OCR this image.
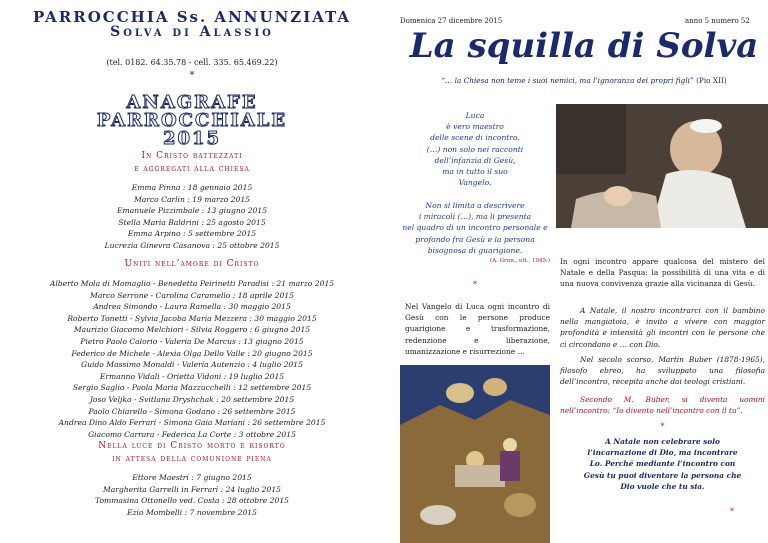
PARROCCHIA Ss. ANNUNZIATA
Solva di Alassio
(tel. 0182. 64.35.78 - cell. 335. 65.469.22)
*
ANAGRAFE
PARROCCHIALE
2015
In Cristo battezzati
e aggregati alla chiesa
Emma Pinna : 18 gennaio 2015
Marco Carlin : 19 marzo 2015
Emanuele Pizzimbale : 13 giugno 2015
Stella Maria Baldrini : 25 agosto 2015
Emma Arpino : 5 settembre 2015
Lucrezia Ginevra Casanova : 25 ottobre 2015
Uniti nell’amore di Cristo
Alberto Mola di Momaglio - Benedetta Peirinetti Paradisi : 21 marzo 2015
Marco Serrone - Carolina Caramello : 18 aprile 2015
Andrea Simondo - Laura Ramella : 30 maggio 2015
Roberto Tonetti - Sylvia Jacoba Maria Mezzera : 30 maggio 2015
Maurizio Giacomo Melchiori - Silvia Roggero : 6 giugno 2015
Pietro Paolo Calorio - Valeria De Marcus : 13 giugno 2015
Federico de Michele - Alexia Olga Dello Valle : 20 giugno 2015
Guido Massimo Monaldi - Valeria Autenzio : 4 luglio 2015
Ermanno Vidali - Orietta Vidoni : 19 luglio 2015
Sergio Saglio - Paola Maria Mazzucchelli : 12 settembre 2015
Joso Veljko - Svitlana Dryshchak : 20 settembre 2015
Paolo Chiarello - Simona Godano : 26 settembre 2015
Andrea Dino Aldo Ferrari - Simona Gaia Mariani : 26 settembre 2015
Giacomo Carrara - Federica La Corte : 3 ottobre 2015
Nella luce di Cristo morto e risorto
in attesa della comunione piena
Ettore Maestri : 7 giugno 2015
Margherita Garrelli in Ferrari : 24 luglio 2015
Tommasina Ottonello ved. Costa : 28 ottobre 2015
Ezio Mombelli : 7 novembre 2015
Domenica 27 dicembre 2015	anno 5 numero 52
La squilla di Solva
“… la Chiesa non teme i suoi nemici, ma l’ignoranza dei propri figli” (Pio XII)
Luca
è vero maestro
delle scene di incontro.
(…) non solo nei racconti
dell’infanzia di Gesù,
ma in tutto il suo
Vangelo.
Non si limita a descrivere
i miracoli (…), ma li presenta
nel quadro di un incontro personale e
profondo fra Gesù e la persona
bisognosa di guarigione.
(A. Grun., ott., 1945-)
*
Nel Vangelo di Luca ogni incontro di Gesù con le persone produce guarigione e trasformazione, redenzione e liberazione, umanizzazione e risurrezione …
In ogni incontro appare qualcosa del mistero del Natale e della Pasqua: la possibilità di una vita e di una nuova convivenza grazie alla vicinanza di Gesù.
A Natale, il nostro incontrarci con il bambino nella mangiatoia, è invito a vivere con maggior profondità e intensità gli incontri con le persone che ci circondano e … con Dio.
Nel secolo scorso, Martin Buber (1878-1965), filosofo ebreo, ha sviluppato una filosofia dell’incontro, recepita anche dai teologi cristiani.
Secondo M. Buber, si diventa uomini nell’incontro: “Io divento nell’incontro con il tu”.
*
A Natale non celebrare solo l’incarnazione di Dio, ma incontrare Lo. Perché mediante l’incontro con Gesù tu puoi diventare la persona che Dio vuole che tu sia.
*
